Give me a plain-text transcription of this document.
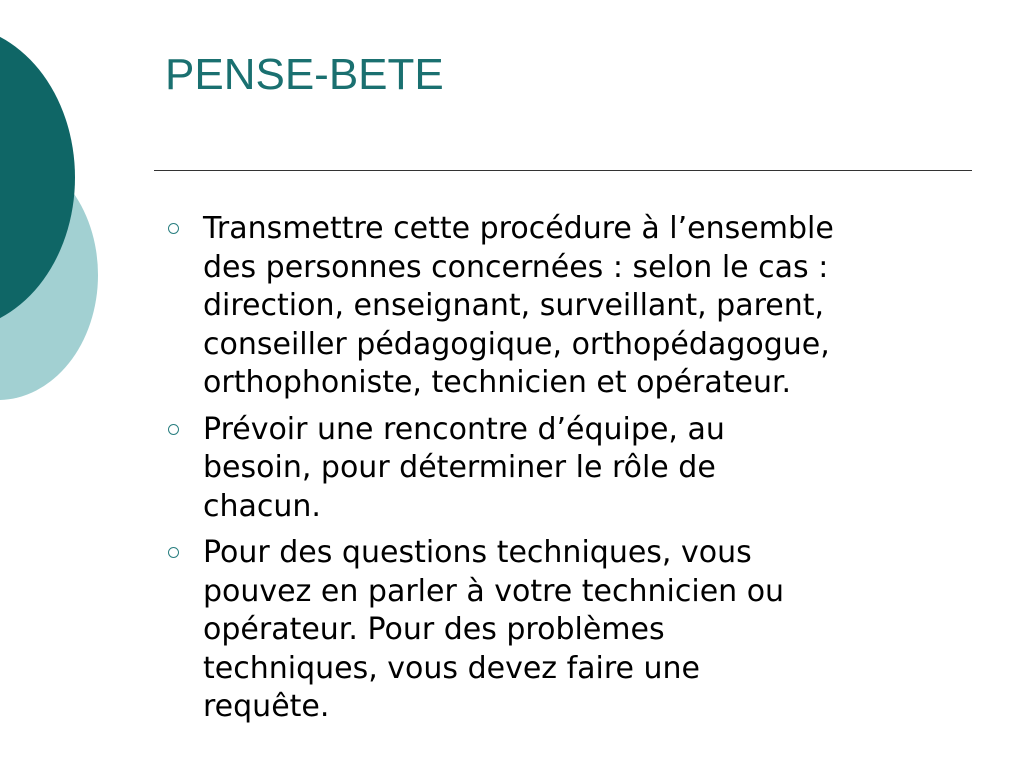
PENSE-BETE
Transmettre cette procédure à l’ensemble
des personnes concernées : selon le cas :
direction, enseignant, surveillant, parent,
conseiller pédagogique, orthopédagogue,
orthophoniste, technicien et opérateur.
Prévoir une rencontre d’équipe, au
besoin, pour déterminer le rôle de
chacun.
Pour des questions techniques, vous
pouvez en parler à votre technicien ou
opérateur. Pour des problèmes
techniques, vous devez faire une
requête.
